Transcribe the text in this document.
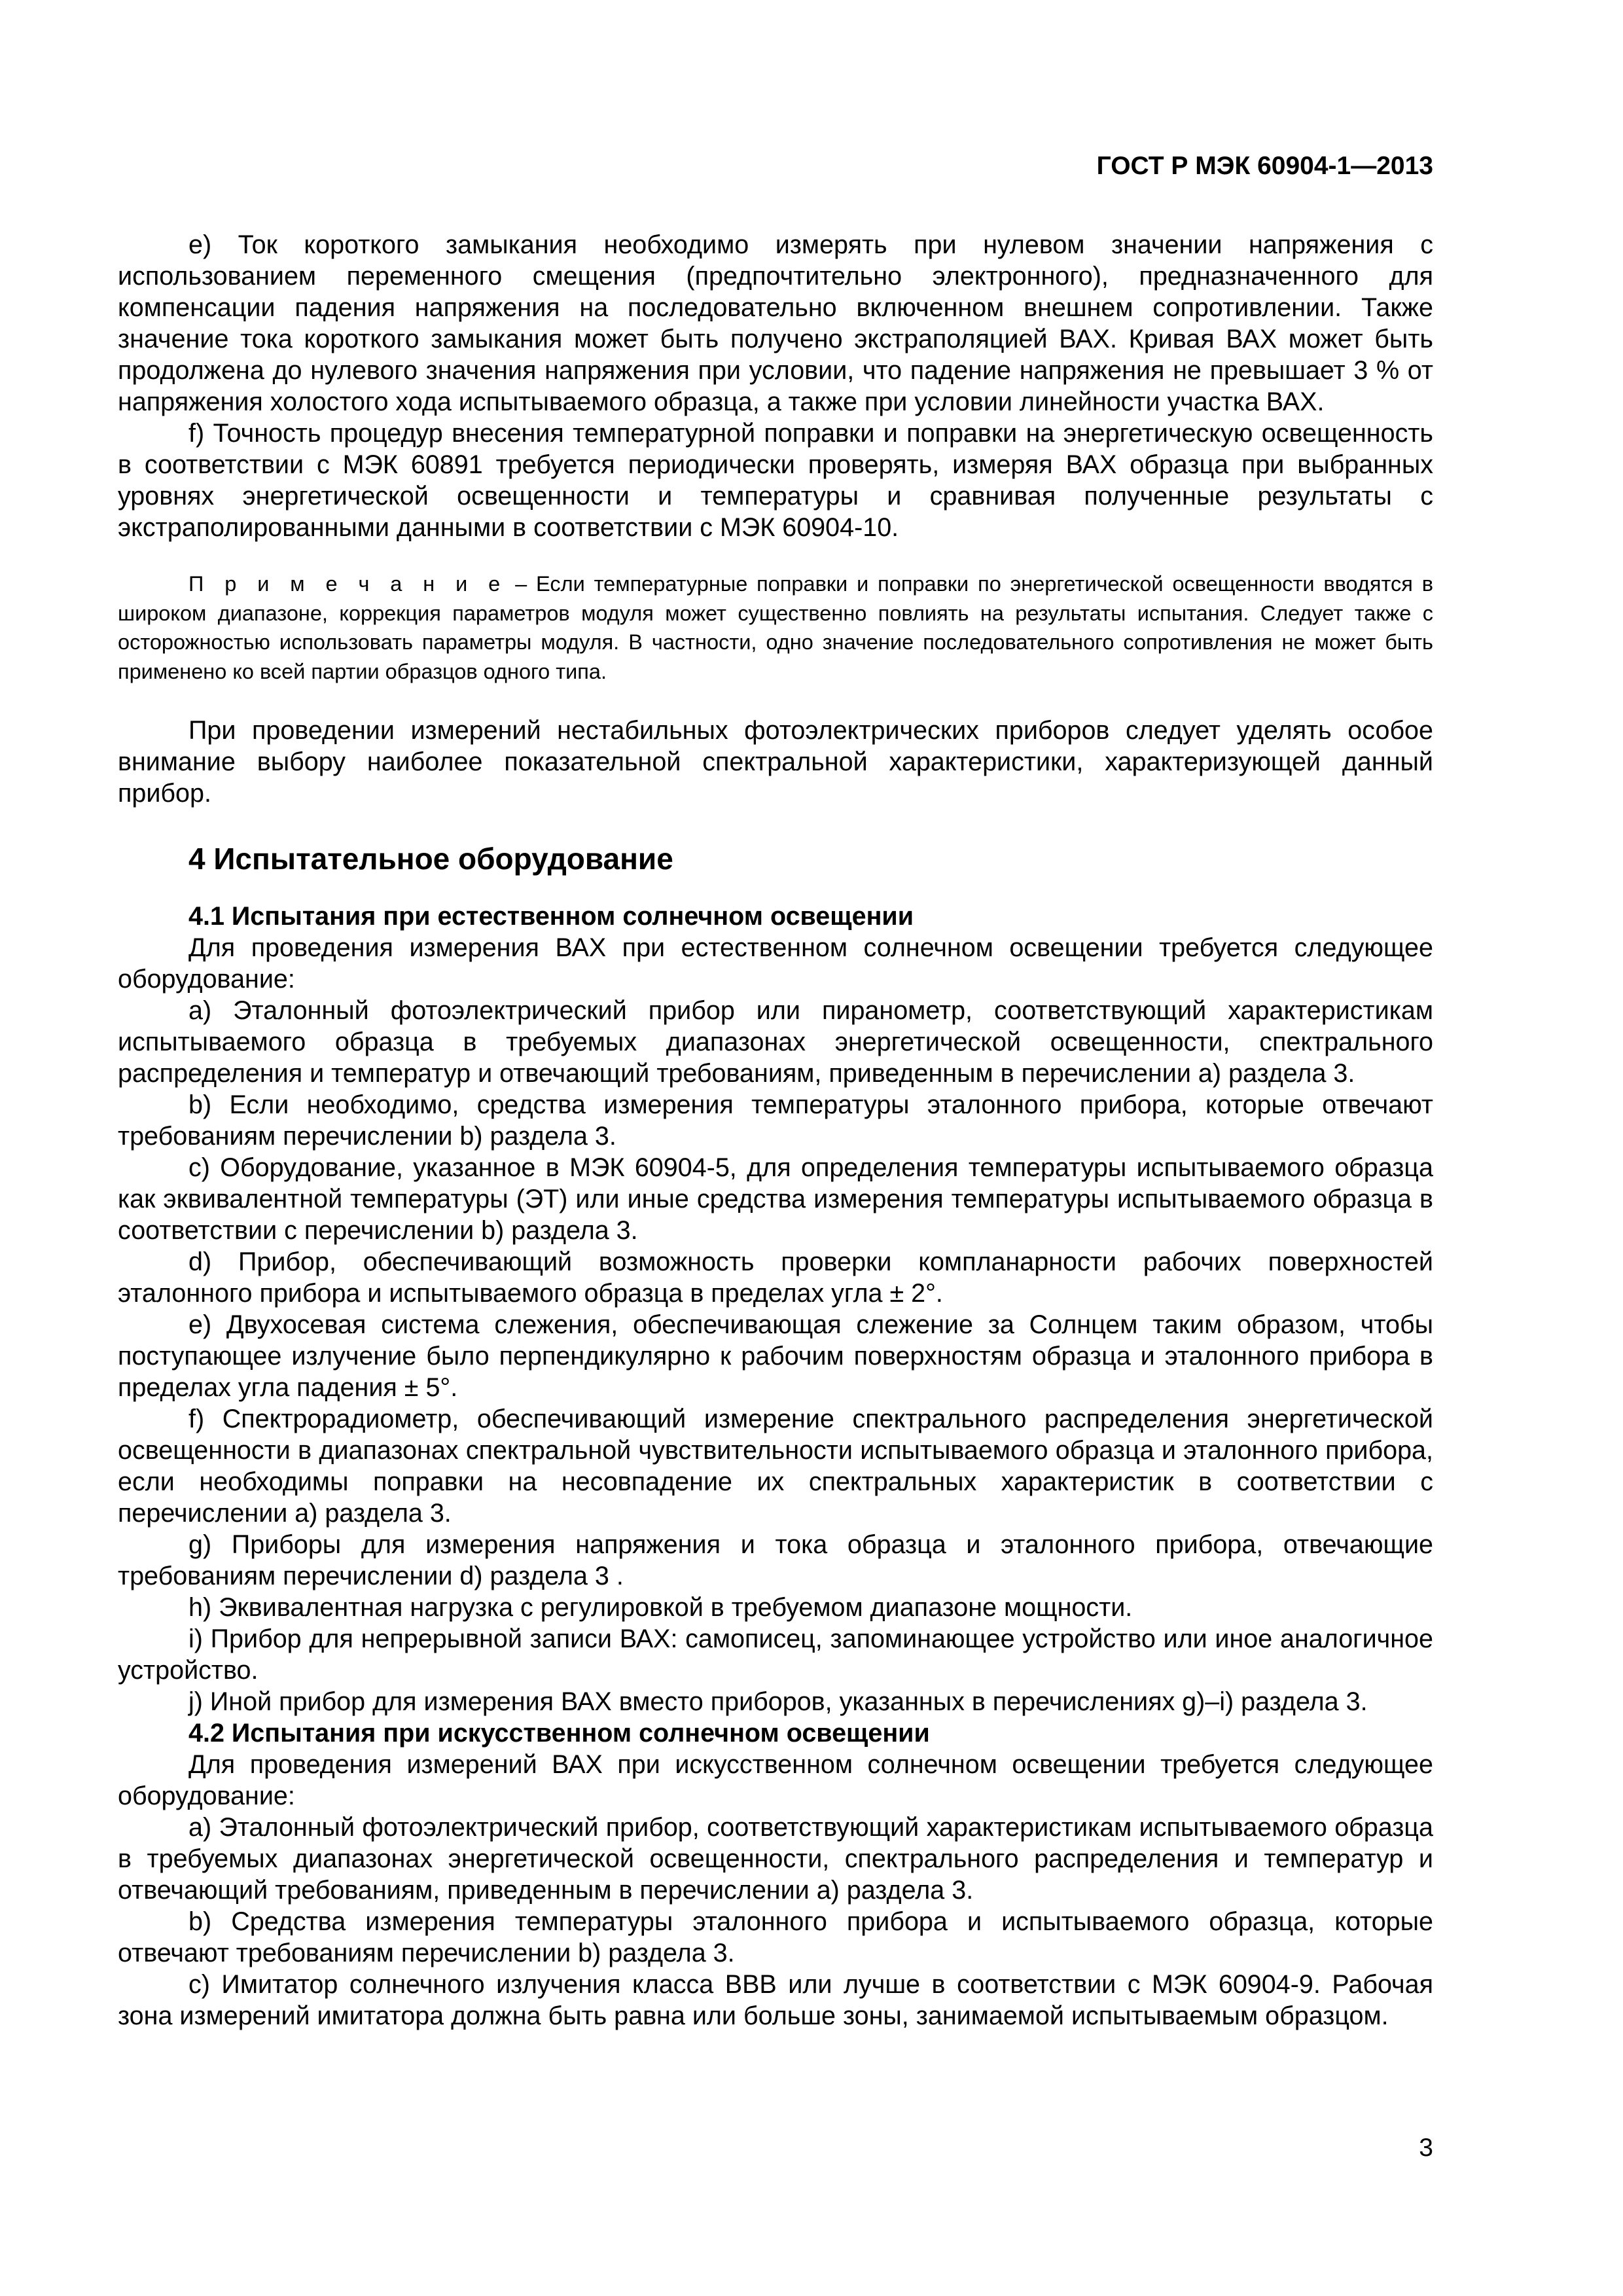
ГОСТ Р МЭК 60904-1—2013

e) Ток короткого замыкания необходимо измерять при нулевом значении напряжения с использованием переменного смещения (предпочтительно электронного), предназначенного для компенсации падения напряжения на последовательно включенном внешнем сопротивлении. Также значение тока короткого замыкания может быть получено экстраполяцией ВАХ. Кривая ВАХ может быть продолжена до нулевого значения напряжения при условии, что падение напряжения не превышает 3 % от напряжения холостого хода испытываемого образца, а также при условии линейности участка ВАХ.

f) Точность процедур внесения температурной поправки и поправки на энергетическую освещенность в соответствии с МЭК 60891 требуется периодически проверять, измеряя ВАХ образца при выбранных уровнях энергетической освещенности и температуры и сравнивая полученные результаты с экстраполированными данными в соответствии с МЭК 60904-10.

П р и м е ч а н и е – Если температурные поправки и поправки по энергетической освещенности вводятся в широком диапазоне, коррекция параметров модуля может существенно повлиять на результаты испытания. Следует также с осторожностью использовать параметры модуля. В частности, одно значение последовательного сопротивления не может быть применено ко всей партии образцов одного типа.

При проведении измерений нестабильных фотоэлектрических приборов следует уделять особое внимание выбору наиболее показательной спектральной характеристики, характеризующей данный прибор.

4 Испытательное оборудование
4.1 Испытания при естественном солнечном освещении

Для проведения измерения ВАХ при естественном солнечном освещении требуется следующее оборудование:

a) Эталонный фотоэлектрический прибор или пиранометр, соответствующий характеристикам испытываемого образца в требуемых диапазонах энергетической освещенности, спектрального распределения и температур и отвечающий требованиям, приведенным в перечислении a) раздела 3.

b) Если необходимо, средства измерения температуры эталонного прибора, которые отвечают требованиям перечислении b) раздела 3.

c) Оборудование, указанное в МЭК 60904-5, для определения температуры испытываемого образца как эквивалентной температуры (ЭТ) или иные средства измерения температуры испытываемого образца в соответствии с перечислении b) раздела 3.

d) Прибор, обеспечивающий возможность проверки компланарности рабочих поверхностей эталонного прибора и испытываемого образца в пределах угла ± 2°.

e) Двухосевая система слежения, обеспечивающая слежение за Солнцем таким образом, чтобы поступающее излучение было перпендикулярно к рабочим поверхностям образца и эталонного прибора в пределах угла падения ± 5°.

f) Спектрорадиометр, обеспечивающий измерение спектрального распределения энергетической освещенности в диапазонах спектральной чувствительности испытываемого образца и эталонного прибора, если необходимы поправки на несовпадение их спектральных характеристик в соответствии с перечислении a) раздела 3.

g) Приборы для измерения напряжения и тока образца и эталонного прибора, отвечающие требованиям перечислении d) раздела 3 .

h) Эквивалентная нагрузка с регулировкой в требуемом диапазоне мощности.

i) Прибор для непрерывной записи ВАХ: самописец, запоминающее устройство или иное аналогичное устройство.

j) Иной прибор для измерения ВАХ вместо приборов, указанных в перечислениях g)–i) раздела 3.

4.2 Испытания при искусственном солнечном освещении

Для проведения измерений ВАХ при искусственном солнечном освещении требуется следующее оборудование:

a) Эталонный фотоэлектрический прибор, соответствующий характеристикам испытываемого образца в требуемых диапазонах энергетической освещенности, спектрального распределения и температур и отвечающий требованиям, приведенным в перечислении a) раздела 3.

b) Средства измерения температуры эталонного прибора и испытываемого образца, которые отвечают требованиям перечислении b) раздела 3.

c) Имитатор солнечного излучения класса ВВВ или лучше в соответствии с МЭК 60904-9. Рабочая зона измерений имитатора должна быть равна или больше зоны, занимаемой испытываемым образцом.

3
